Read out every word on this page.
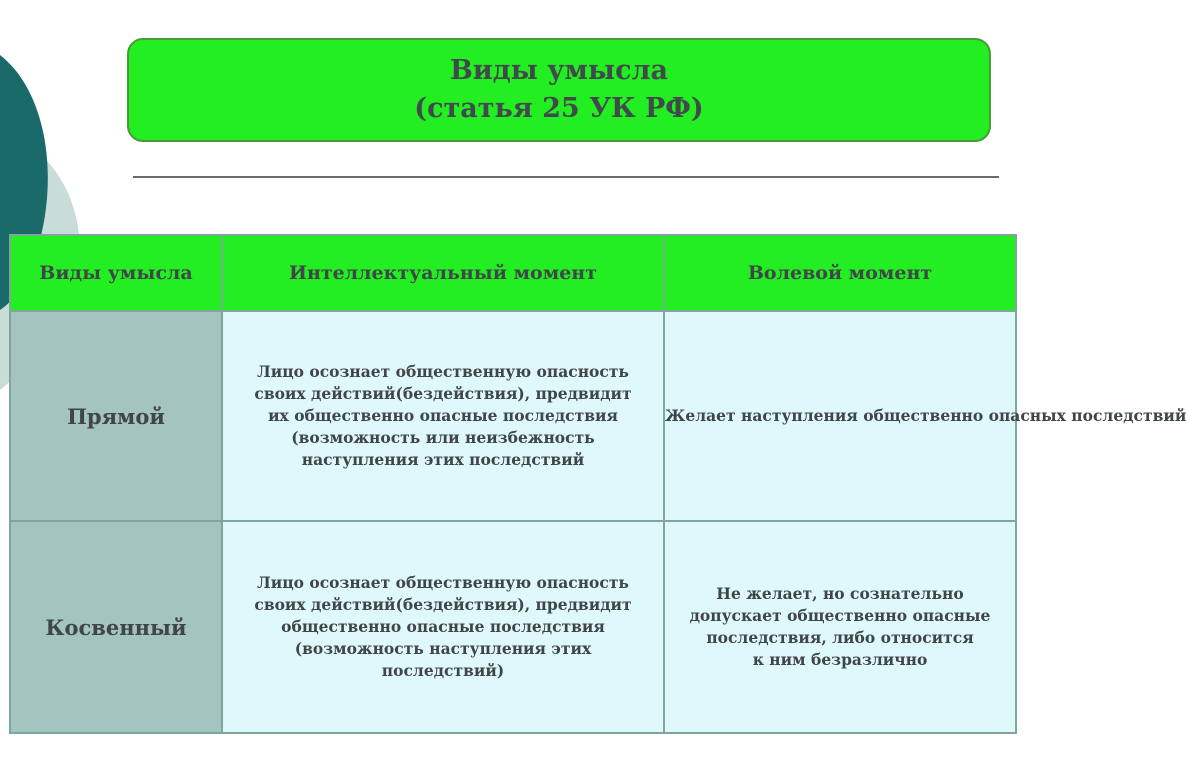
Виды умысла
(статья 25 УК РФ)
Виды умысла	Интеллектуальный момент	Волевой момент
Прямой	Лицо осознает общественную опасность
своих действий(бездействия), предвидит
их общественно опасные последствия
(возможность или неизбежность
наступления этих последствий	Желает наступления общественно опасных последствий
Косвенный	Лицо осознает общественную опасность
своих действий(бездействия), предвидит
общественно опасные последствия
(возможность наступления этих
последствий)	Не желает, но сознательно
допускает общественно опасные
последствия, либо относится
к ним безразлично
